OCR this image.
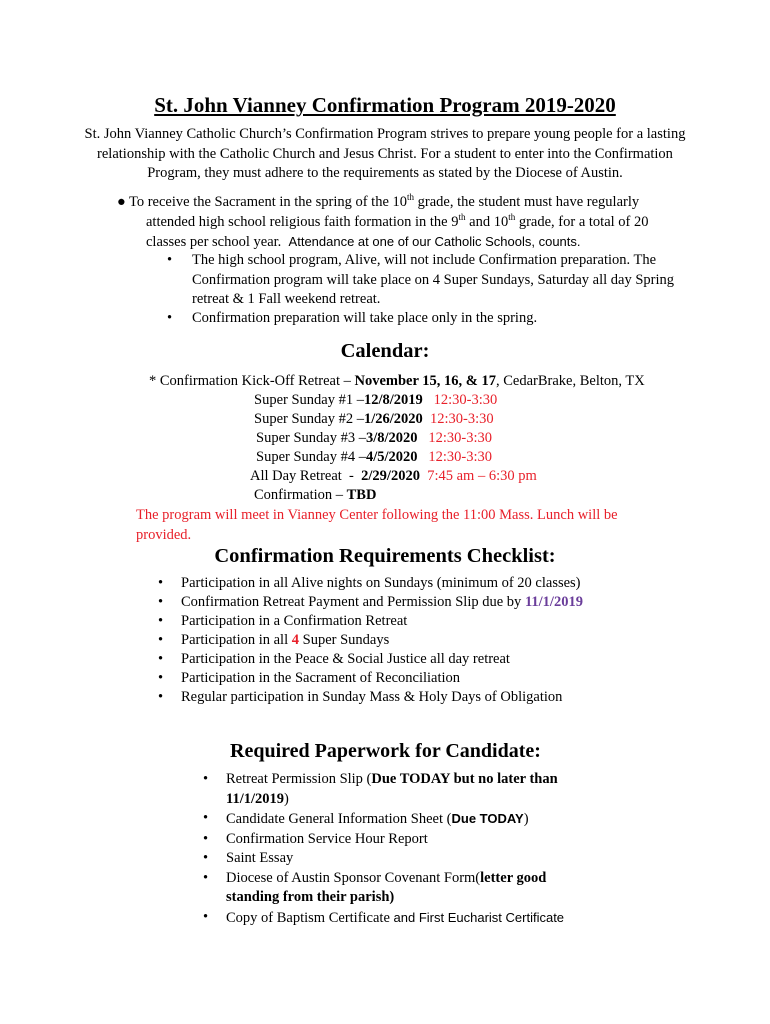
St. John Vianney Confirmation Program 2019-2020
St. John Vianney Catholic Church’s Confirmation Program strives to prepare young people for a lasting relationship with the Catholic Church and Jesus Christ. For a student to enter into the Confirmation Program, they must adhere to the requirements as stated by the Diocese of Austin.
● To receive the Sacrament in the spring of the 10th grade, the student must have regularly attended high school religious faith formation in the 9th and 10th grade, for a total of 20 classes per school year. Attendance at one of our Catholic Schools, counts.
• The high school program, Alive, will not include Confirmation preparation. The Confirmation program will take place on 4 Super Sundays, Saturday all day Spring retreat & 1 Fall weekend retreat.
• Confirmation preparation will take place only in the spring.
Calendar:
* Confirmation Kick-Off Retreat – November 15, 16, & 17, CedarBrake, Belton, TX
Super Sunday #1 –12/8/2019 12:30-3:30
Super Sunday #2 –1/26/2020 12:30-3:30
Super Sunday #3 –3/8/2020 12:30-3:30
Super Sunday #4 –4/5/2020 12:30-3:30
All Day Retreat  -  2/29/2020 7:45 am – 6:30 pm
Confirmation – TBD
The program will meet in Vianney Center following the 11:00 Mass. Lunch will be provided.
Confirmation Requirements Checklist:
• Participation in all Alive nights on Sundays (minimum of 20 classes)
• Confirmation Retreat Payment and Permission Slip due by 11/1/2019
• Participation in a Confirmation Retreat
• Participation in all 4 Super Sundays
• Participation in the Peace & Social Justice all day retreat
• Participation in the Sacrament of Reconciliation
• Regular participation in Sunday Mass & Holy Days of Obligation
Required Paperwork for Candidate:
• Retreat Permission Slip (Due TODAY but no later than 11/1/2019)
• Candidate General Information Sheet (Due TODAY)
• Confirmation Service Hour Report
• Saint Essay
• Diocese of Austin Sponsor Covenant Form(letter good standing from their parish)
• Copy of Baptism Certificate and First Eucharist Certificate
